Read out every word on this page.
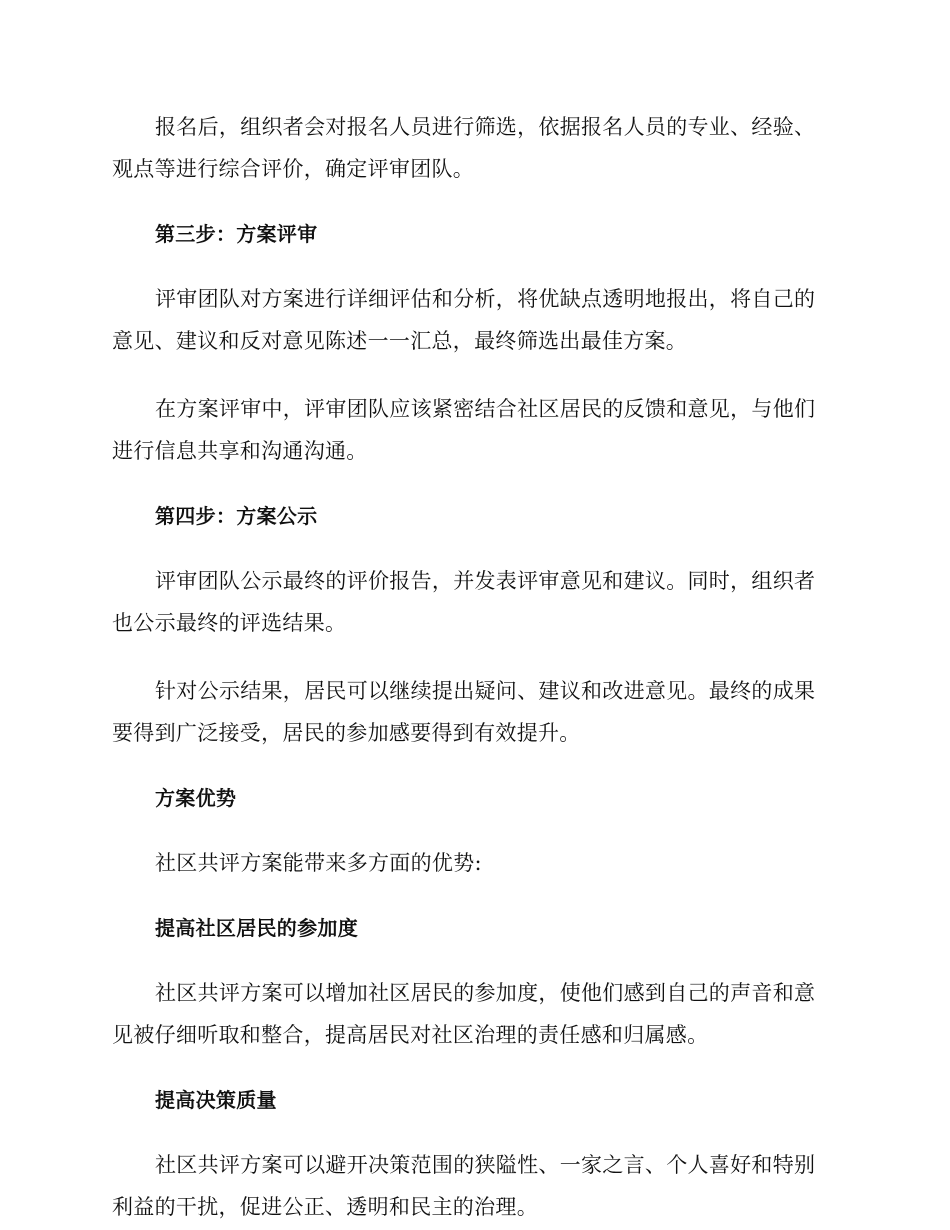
报名后，组织者会对报名人员进行筛选，依据报名人员的专业、经验、观点等进行综合评价，确定评审团队。

第三步：方案评审

评审团队对方案进行详细评估和分析，将优缺点透明地报出，将自己的意见、建议和反对意见陈述一一汇总，最终筛选出最佳方案。

在方案评审中，评审团队应该紧密结合社区居民的反馈和意见，与他们进行信息共享和沟通沟通。

第四步：方案公示

评审团队公示最终的评价报告，并发表评审意见和建议。同时，组织者也公示最终的评选结果。

针对公示结果，居民可以继续提出疑问、建议和改进意见。最终的成果要得到广泛接受，居民的参加感要得到有效提升。

方案优势

社区共评方案能带来多方面的优势:

提高社区居民的参加度

社区共评方案可以增加社区居民的参加度，使他们感到自己的声音和意见被仔细听取和整合，提高居民对社区治理的责任感和归属感。

提高决策质量

社区共评方案可以避开决策范围的狭隘性、一家之言、个人喜好和特别利益的干扰，促进公正、透明和民主的治理。
